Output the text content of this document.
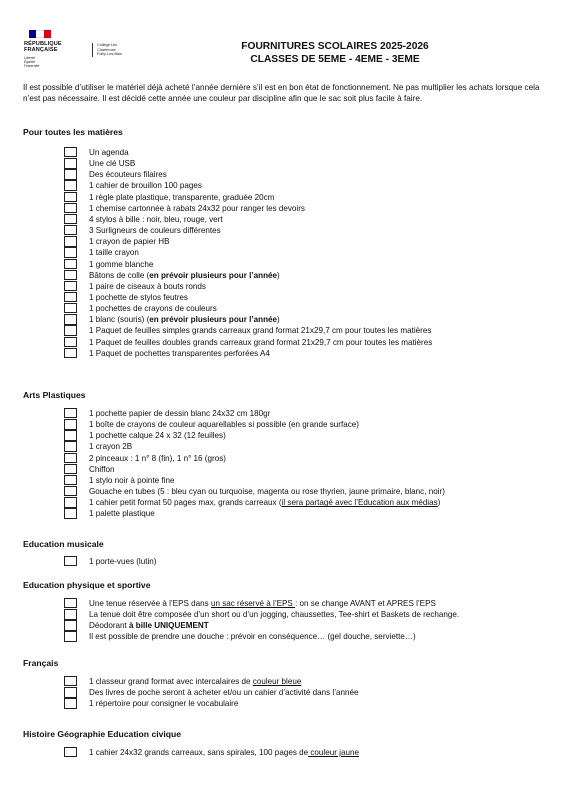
RÉPUBLIQUE
FRANÇAISE
Liberté
Égalité
Fraternité
Collège Les Chartreuse
Foilly-Les-Bain
FOURNITURES SCOLAIRES 2025-2026
CLASSES DE 5EME - 4EME - 3EME
Il est possible d’utiliser le matériel déjà acheté l’année dernière s’il est en bon état de fonctionnement. Ne pas multiplier les achats lorsque cela n’est pas nécessaire. Il est décidé cette année une couleur par discipline afin que le sac soit plus facile à faire.
Pour toutes les matières
Un agenda
Une clé USB
Des écouteurs filaires
1 cahier de brouillon 100 pages
1 règle plate plastique, transparente, graduée 20cm
1 chemise cartonnée à rabats 24x32 pour ranger les devoirs
4 stylos à bille : noir, bleu, rouge, vert
3 Surligneurs de couleurs différentes
1 crayon de papier HB
1 taille crayon
1 gomme blanche
Bâtons de colle (en prévoir plusieurs pour l’année)
1 paire de ciseaux à bouts ronds
1 pochette de stylos feutres
1 pochettes de crayons de couleurs
1 blanc (souris) (en prévoir plusieurs pour l’année)
1 Paquet de feuilles simples grands carreaux grand format 21x29,7 cm pour toutes les matières
1 Paquet de feuilles doubles grands carreaux grand format 21x29,7 cm pour toutes les matières
1 Paquet de pochettes transparentes perforées A4
Arts Plastiques
1 pochette papier de dessin blanc 24x32 cm 180gr
1 boîte de crayons de couleur aquarellables si possible (en grande surface)
1 pochette calque 24 x 32 (12 feuilles)
1 crayon 2B
2 pinceaux : 1 n° 8 (fin), 1 n° 16 (gros)
Chiffon
1 stylo noir à pointe fine
Gouache en tubes (5 : bleu cyan ou turquoise, magenta ou rose thyrien, jaune primaire, blanc, noir)
1 cahier petit format 50 pages max, grands carreaux (il sera partagé avec l’Education aux médias)
1 palette plastique
Education musicale
1 porte-vues (lutin)
Education physique et sportive
Une tenue réservée à l’EPS dans un sac réservé à l’EPS : on se change AVANT et APRES l’EPS
La tenue doit être composée d’un short ou d’un jogging, chaussettes, Tee-shirt et Baskets de rechange.
Déodorant à bille UNIQUEMENT
Il est possible de prendre une douche : prévoir en conséquence… (gel douche, serviette…)
Français
1 classeur grand format avec intercalaires de couleur bleue
Des livres de poche seront à acheter et/ou un cahier d’activité dans l’année
1 répertoire pour consigner le vocabulaire
Histoire Géographie Education civique
1 cahier 24x32 grands carreaux, sans spirales, 100 pages de couleur jaune
